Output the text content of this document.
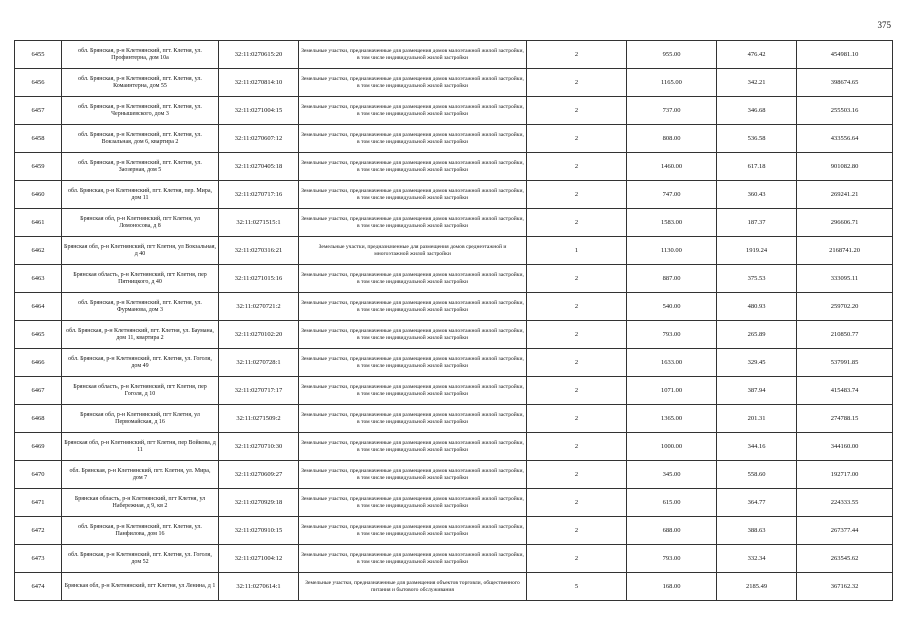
375
6455	обл. Брянская, р-н Клетнянский, пгт. Клетня, ул. Профинтерна, дом 10а	32:11:0270615:20	Земельные участки, предназначенные для размещения домов малоэтажной жилой застройки, в том числе индивидуальной жилой застройки	2	955.00	476.42	454981.10
6456	обл. Брянская, р-н Клетнянский, пгт. Клетня, ул. Комаинтерна, дом 55	32:11:0270814:10	Земельные участки, предназначенные для размещения домов малоэтажной жилой застройки, в том числе индивидуальной жилой застройки	2	1165.00	342.21	398674.65
6457	обл. Брянская, р-н Клетнянский, пгт. Клетня, ул. Чернышевского, дом 3	32:11:0271004:15	Земельные участки, предназначенные для размещения домов малоэтажной жилой застройки, в том числе индивидуальной жилой застройки	2	737.00	346.68	255503.16
6458	обл. Брянская, р-н Клетнянский, пгт. Клетня, ул. Вокзальная, дом 6, квартира 2	32:11:0270607:12	Земельные участки, предназначенные для размещения домов малоэтажной жилой застройки, в том числе индивидуальной жилой застройки	2	808.00	536.58	433556.64
6459	обл. Брянская, р-н Клетнянский, пгт. Клетня, ул. Заозерная, дом 5	32:11:0270405:18	Земельные участки, предназначенные для размещения домов малоэтажной жилой застройки, в том числе индивидуальной жилой застройки	2	1460.00	617.18	901082.80
6460	обл. Брянская, р-н Клетнянский, пгт. Клетня, пер. Мира, дом 11	32:11:0270717:16	Земельные участки, предназначенные для размещения домов малоэтажной жилой застройки, в том числе индивидуальной жилой застройки	2	747.00	360.43	269241.21
6461	Брянская обл, р-н Клетнянский, пгт Клетня, ул Ломоносова, д 8	32:11:0271515:1	Земельные участки, предназначенные для размещения домов малоэтажной жилой застройки, в том числе индивидуальной жилой застройки	2	1583.00	187.37	296606.71
6462	Брянская обл, р-н Клетнянский, пгт Клетня, ул Вокзальная, д 40	32:11:0270316:21	Земельные участки, предназначенные для размещения домов среднеэтажной и многоэтажной жилой застройки	1	1130.00	1919.24	2168741.20
6463	Брянская область, р-н Клетнянский, пгт Клетня, пер Пятницкого, д 40	32:11:0271015:16	Земельные участки, предназначенные для размещения домов малоэтажной жилой застройки, в том числе индивидуальной жилой застройки	2	887.00	375.53	333095.11
6464	обл. Брянская, р-н Клетнянский, пгт. Клетня, ул. Фурманова, дом 3	32:11:0270721:2	Земельные участки, предназначенные для размещения домов малоэтажной жилой застройки, в том числе индивидуальной жилой застройки	2	540.00	480.93	259702.20
6465	обл. Брянская, р-н Клетнянский, пгт. Клетня, ул. Баумана, дом 11, квартира 2	32:11:0270102:20	Земельные участки, предназначенные для размещения домов малоэтажной жилой застройки, в том числе индивидуальной жилой застройки	2	793.00	265.89	210850.77
6466	обл. Брянская, р-н Клетнянский, пгт. Клетня, ул. Гоголя, дом 49	32:11:0270728:1	Земельные участки, предназначенные для размещения домов малоэтажной жилой застройки, в том числе индивидуальной жилой застройки	2	1633.00	329.45	537991.85
6467	Брянская область, р-н Клетнянский, пгт Клетня, пер Гоголя, д 10	32:11:0270717:17	Земельные участки, предназначенные для размещения домов малоэтажной жилой застройки, в том числе индивидуальной жилой застройки	2	1071.00	387.94	415483.74
6468	Брянская обл, р-н Клетнянский, пгт Клетня, ул Первомайская, д 16	32:11:0271509:2	Земельные участки, предназначенные для размещения домов малоэтажной жилой застройки, в том числе индивидуальной жилой застройки	2	1365.00	201.31	274788.15
6469	Брянская обл, р-н Клетнянский, пгт Клетня, пер Войкова, д 11	32:11:0270710:30	Земельные участки, предназначенные для размещения домов малоэтажной жилой застройки, в том числе индивидуальной жилой застройки	2	1000.00	344.16	344160.00
6470	обл. Брянская, р-н Клетнянский, пгт. Клетня, ул. Мира, дом 7	32:11:0270609:27	Земельные участки, предназначенные для размещения домов малоэтажной жилой застройки, в том числе индивидуальной жилой застройки	2	345.00	558.60	192717.00
6471	Брянская область, р-н Клетнянский, пгт Клетня, ул Набережная, д 9, кв 2	32:11:0270929:18	Земельные участки, предназначенные для размещения домов малоэтажной жилой застройки, в том числе индивидуальной жилой застройки	2	615.00	364.77	224333.55
6472	обл. Брянская, р-н Клетнянский, пгт. Клетня, ул. Панфилова, дом 16	32:11:0270910:15	Земельные участки, предназначенные для размещения домов малоэтажной жилой застройки, в том числе индивидуальной жилой застройки	2	688.00	388.63	267377.44
6473	обл. Брянская, р-н Клетнянский, пгт. Клетня, ул. Гоголя, дом 52	32:11:0271004:12	Земельные участки, предназначенные для размещения домов малоэтажной жилой застройки, в том числе индивидуальной жилой застройки	2	793.00	332.34	263545.62
6474	Брянская обл, р-н Клетнянский, пгт Клетня, ул Ленина, д 1	32:11:0270614:1	Земельные участки, предназначенные для размещения объектов торговли, общественного питания и бытового обслуживания	5	168.00	2185.49	367162.32
